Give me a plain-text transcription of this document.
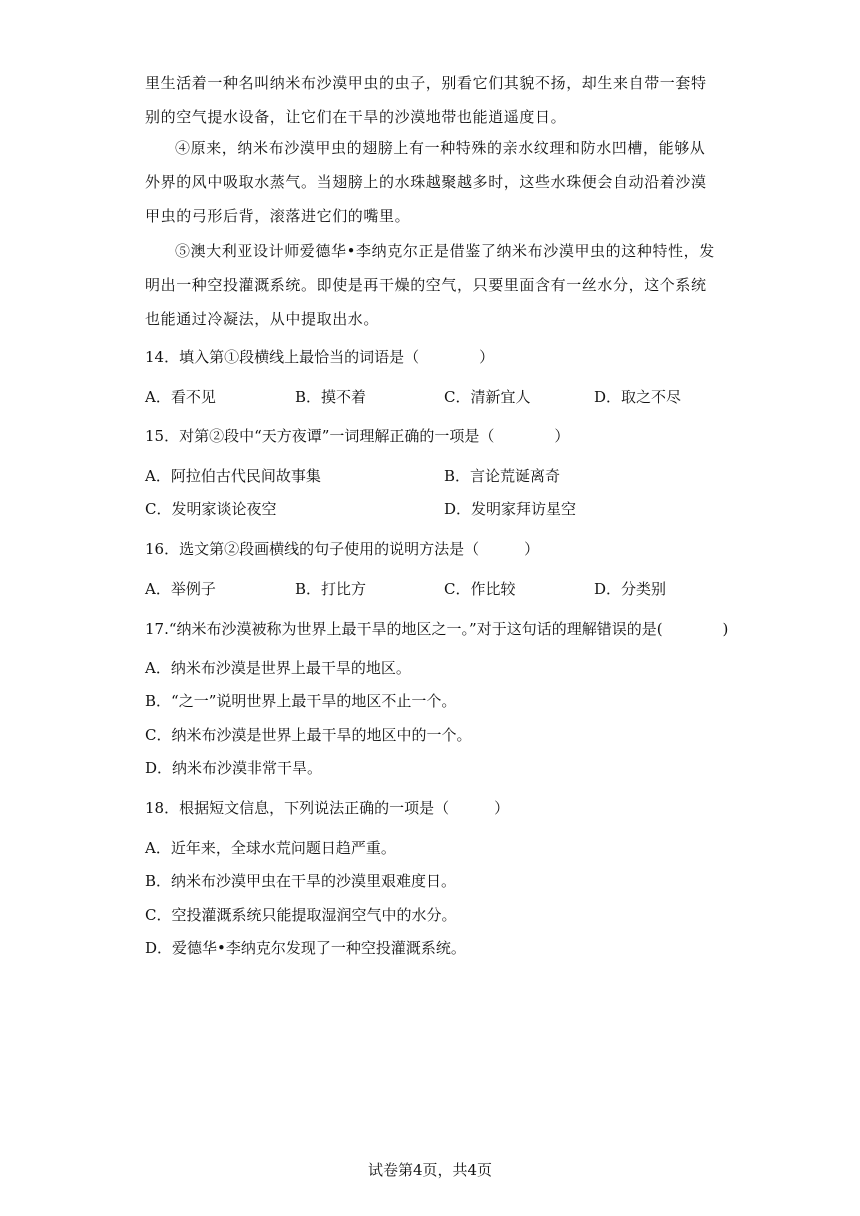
里生活着一种名叫纳米布沙漠甲虫的虫子，别看它们其貌不扬，却生来自带一套特别的空气提水设备，让它们在干旱的沙漠地带也能逍遥度日。

④原来，纳米布沙漠甲虫的翅膀上有一种特殊的亲水纹理和防水凹槽，能够从外界的风中吸取水蒸气。当翅膀上的水珠越聚越多时，这些水珠便会自动沿着沙漠甲虫的弓形后背，滚落进它们的嘴里。

⑤澳大利亚设计师爱德华•李纳克尔正是借鉴了纳米布沙漠甲虫的这种特性，发明出一种空投灌溉系统。即使是再干燥的空气，只要里面含有一丝水分，这个系统也能通过冷凝法，从中提取出水。

14．填入第①段横线上最恰当的词语是（　　　　）

A．看不见	B．摸不着	C．清新宜人	D．取之不尽

15．对第②段中“天方夜谭”一词理解正确的一项是（　　　　）

A．阿拉伯古代民间故事集	B．言论荒诞离奇
C．发明家谈论夜空	D．发明家拜访星空

16．选文第②段画横线的句子使用的说明方法是（　　　）

A．举例子	B．打比方	C．作比较	D．分类别

17.“纳米布沙漠被称为世界上最干旱的地区之一。”对于这句话的理解错误的是(　　　　)

A．纳米布沙漠是世界上最干旱的地区。
B．“之一”说明世界上最干旱的地区不止一个。
C．纳米布沙漠是世界上最干旱的地区中的一个。
D．纳米布沙漠非常干旱。

18．根据短文信息，下列说法正确的一项是（　　　）

A．近年来，全球水荒问题日趋严重。
B．纳米布沙漠甲虫在干旱的沙漠里艰难度日。
C．空投灌溉系统只能提取湿润空气中的水分。
D．爱德华•李纳克尔发现了一种空投灌溉系统。
试卷第4页，共4页
